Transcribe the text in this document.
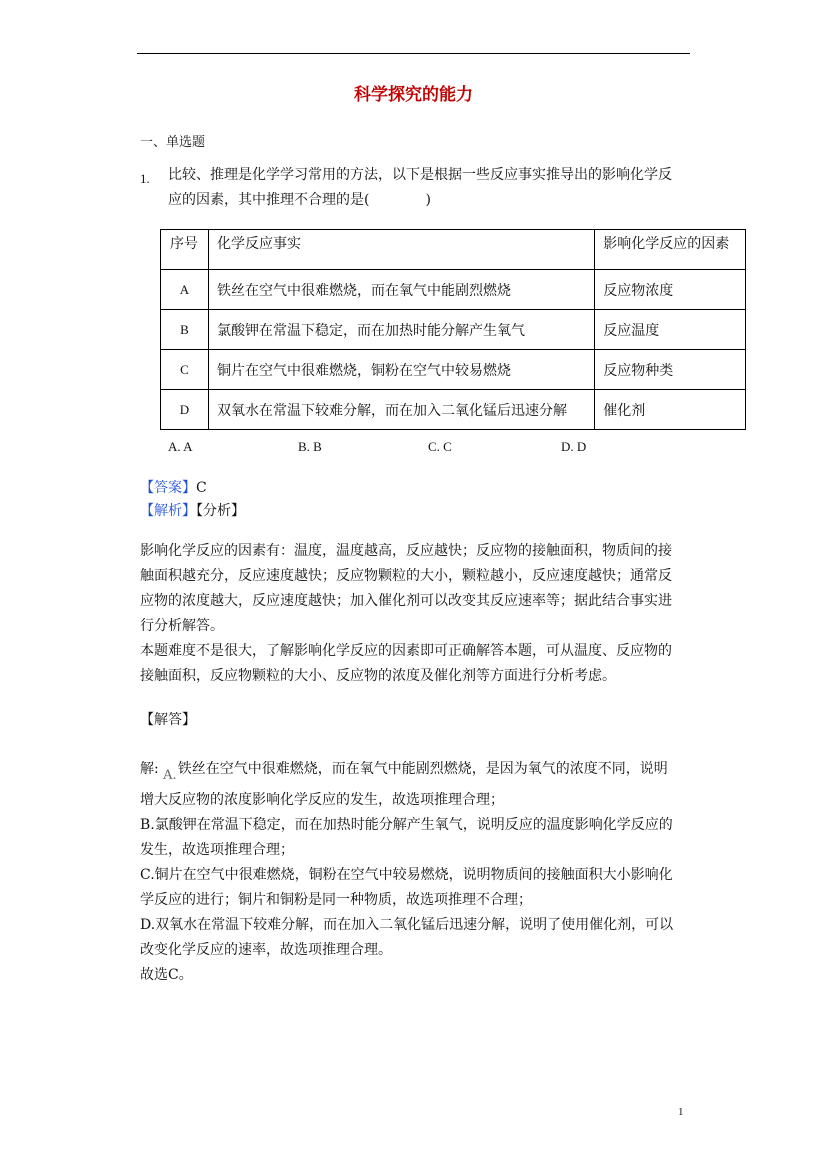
科学探究的能力
一、单选题
1. 比较、推理是化学学习常用的方法，以下是根据一些反应事实推导出的影响化学反
应的因素，其中推理不合理的是(　　　　)
序号	化学反应事实	影响化学反应的因素
A	铁丝在空气中很难燃烧，而在氧气中能剧烈燃烧	反应物浓度
B	氯酸钾在常温下稳定，而在加热时能分解产生氧气	反应温度
C	铜片在空气中很难燃烧，铜粉在空气中较易燃烧	反应物种类
D	双氧水在常温下较难分解，而在加入二氧化锰后迅速分解	催化剂
A. A	B. B	C. C	D. D
【答案】C
【解析】【分析】
影响化学反应的因素有：温度，温度越高，反应越快；反应物的接触面积，物质间的接
触面积越充分，反应速度越快；反应物颗粒的大小，颗粒越小，反应速度越快；通常反
应物的浓度越大，反应速度越快；加入催化剂可以改变其反应速率等；据此结合事实进
行分析解答。
本题难度不是很大，了解影响化学反应的因素即可正确解答本题，可从温度、反应物的
接触面积，反应物颗粒的大小、反应物的浓度及催化剂等方面进行分析考虑。
【解答】
解: A.铁丝在空气中很难燃烧，而在氧气中能剧烈燃烧，是因为氧气的浓度不同，说明
增大反应物的浓度影响化学反应的发生，故选项推理合理；
B.氯酸钾在常温下稳定，而在加热时能分解产生氧气，说明反应的温度影响化学反应的
发生，故选项推理合理；
C.铜片在空气中很难燃烧，铜粉在空气中较易燃烧，说明物质间的接触面积大小影响化
学反应的进行；铜片和铜粉是同一种物质，故选项推理不合理；
D.双氧水在常温下较难分解，而在加入二氧化锰后迅速分解，说明了使用催化剂，可以
改变化学反应的速率，故选项推理合理。
故选C。
1
